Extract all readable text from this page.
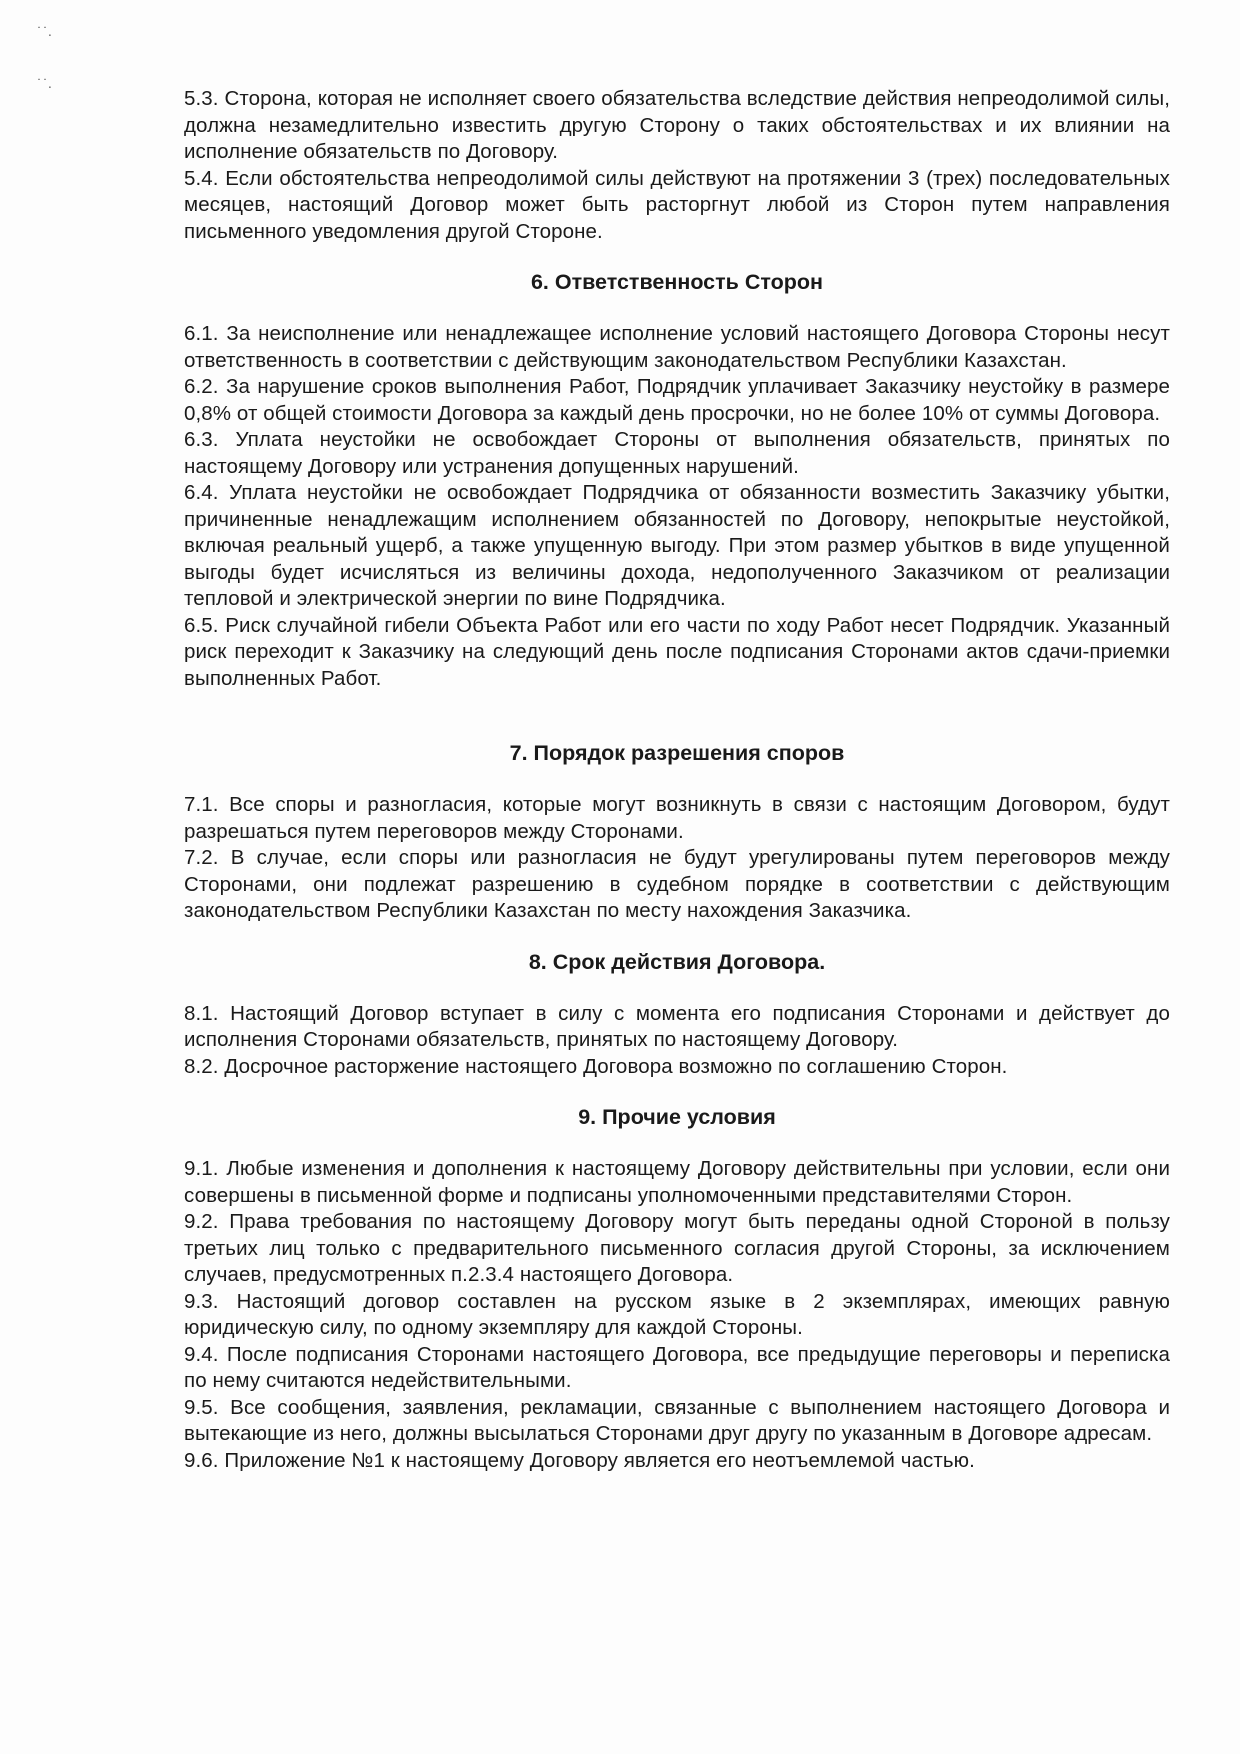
˙˙.
˙˙.

5.3. Сторона, которая не исполняет своего обязательства вследствие действия непреодолимой силы, должна незамедлительно известить другую Сторону о таких обстоятельствах и их влиянии на исполнение обязательств по Договору.

5.4. Если обстоятельства непреодолимой силы действуют на протяжении 3 (трех) последовательных месяцев, настоящий Договор может быть расторгнут любой из Сторон путем направления письменного уведомления другой Стороне.

6. Ответственность Сторон

6.1. За неисполнение или ненадлежащее исполнение условий настоящего Договора Стороны несут ответственность в соответствии с действующим законодательством Республики Казахстан.

6.2. За нарушение сроков выполнения Работ, Подрядчик уплачивает Заказчику неустойку в размере 0,8% от общей стоимости Договора за каждый день просрочки, но не более 10% от суммы Договора.

6.3. Уплата неустойки не освобождает Стороны от выполнения обязательств, принятых по настоящему Договору или устранения допущенных нарушений.

6.4. Уплата неустойки не освобождает Подрядчика от обязанности возместить Заказчику убытки, причиненные ненадлежащим исполнением обязанностей по Договору, непокрытые неустойкой, включая реальный ущерб, а также упущенную выгоду. При этом размер убытков в виде упущенной выгоды будет исчисляться из величины дохода, недополученного Заказчиком от реализации тепловой и электрической энергии по вине Подрядчика.

6.5. Риск случайной гибели Объекта Работ или его части по ходу Работ несет Подрядчик. Указанный риск переходит к Заказчику на следующий день после подписания Сторонами актов сдачи-приемки выполненных Работ.

7. Порядок разрешения споров

7.1. Все споры и разногласия, которые могут возникнуть в связи с настоящим Договором, будут разрешаться путем переговоров между Сторонами.

7.2. В случае, если споры или разногласия не будут урегулированы путем переговоров между Сторонами, они подлежат разрешению в судебном порядке в соответствии с действующим законодательством Республики Казахстан по месту нахождения Заказчика.

8. Срок действия Договора.

8.1. Настоящий Договор вступает в силу с момента его подписания Сторонами и действует до исполнения Сторонами обязательств, принятых по настоящему Договору.

8.2. Досрочное расторжение настоящего Договора возможно по соглашению Сторон.

9. Прочие условия

9.1. Любые изменения и дополнения к настоящему Договору действительны при условии, если они совершены в письменной форме и подписаны уполномоченными представителями Сторон.

9.2. Права требования по настоящему Договору могут быть переданы одной Стороной в пользу третьих лиц только с предварительного письменного согласия другой Стороны, за исключением случаев, предусмотренных п.2.3.4 настоящего Договора.

9.3. Настоящий договор составлен на русском языке в 2 экземплярах, имеющих равную юридическую силу, по одному экземпляру для каждой Стороны.

9.4. После подписания Сторонами настоящего Договора, все предыдущие переговоры и переписка по нему считаются недействительными.

9.5. Все сообщения, заявления, рекламации, связанные с выполнением настоящего Договора и вытекающие из него, должны высылаться Сторонами друг другу по указанным в Договоре адресам.

9.6. Приложение №1 к настоящему Договору является его неотъемлемой частью.
